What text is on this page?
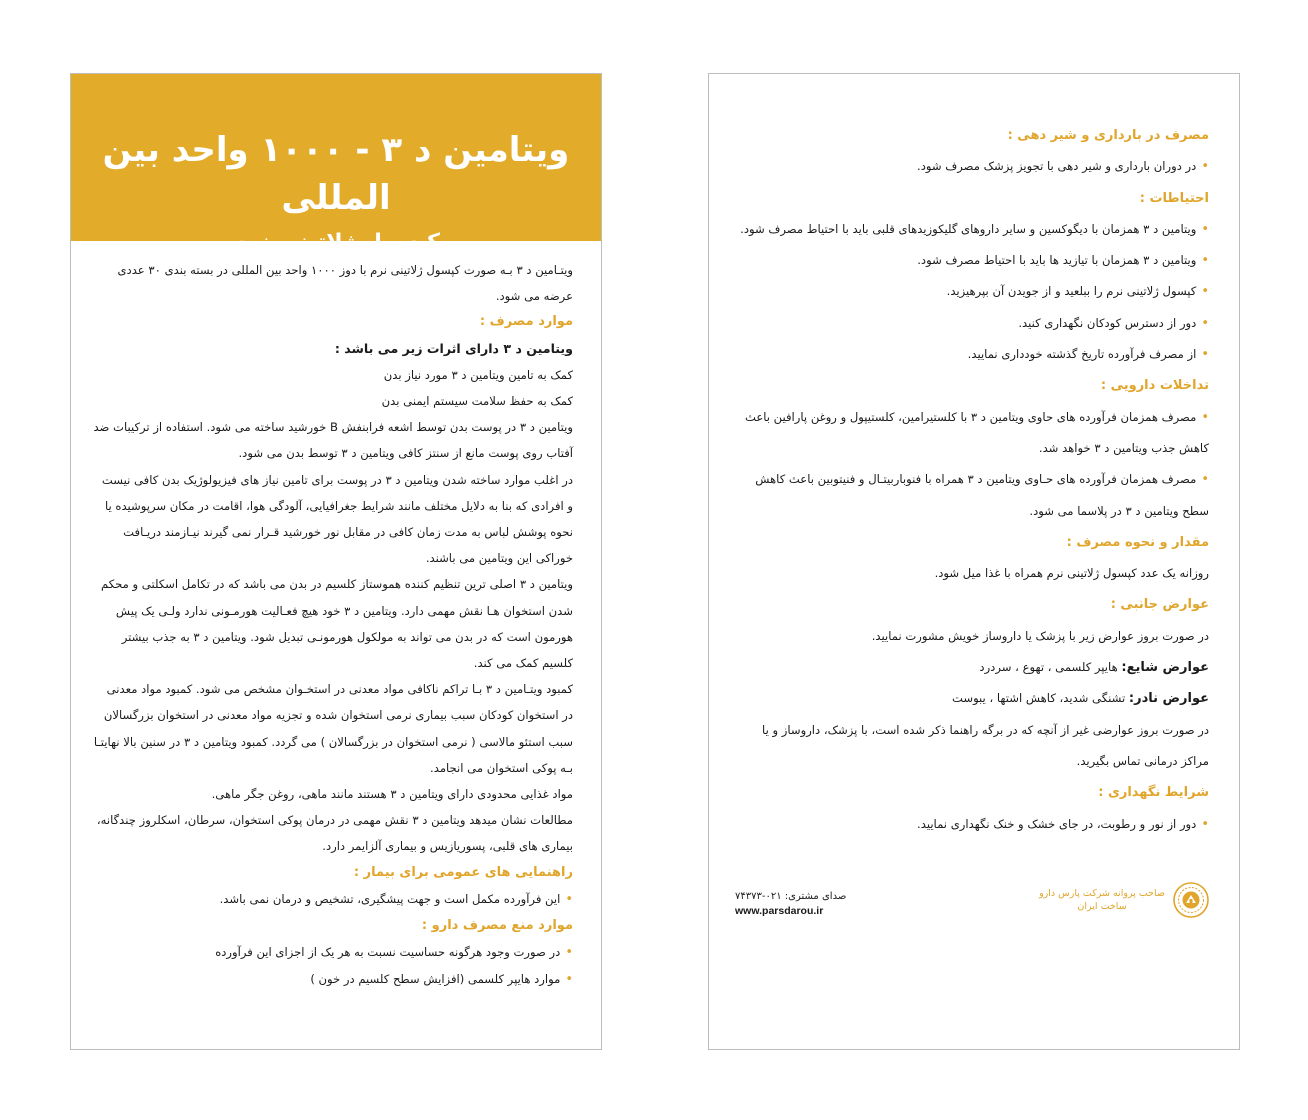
ویتامین د ۳ - ۱۰۰۰ واحد بین المللی
کپسول ژلاتینی نرم

ویتـامین د ۳ بـه صورت کپسول ژلاتینی نرم با دوز ۱۰۰۰ واحد بین المللی در بسته بندی ۳۰ عددی عرضه می شود.

موارد مصرف :

ویتامین د ۳ دارای اثرات زیر می باشد :

کمک به تامین ویتامین د ۳ مورد نیاز بدن

کمک به حفظ سلامت سیستم ایمنی بدن

ویتامین د ۳ در پوست بدن توسط اشعه فرابنفش B خورشید ساخته می شود. استفاده از ترکیبات ضد آفتاب روی پوست مانع از سنتز کافی ویتامین د ۳ توسط بدن می شود.

در اغلب موارد ساخته شدن ویتامین د ۳ در پوست برای تامین نیاز های فیزیولوژیک بدن کافی نیست و افرادی که بنا به دلایل مختلف مانند شرایط جغرافیایی، آلودگی هوا، اقامت در مکان سرپوشیده یا نحوه پوشش لباس به مدت زمان کافی در مقابل نور خورشید قـرار نمی گیرند نیـازمند دریـافت خوراکی این ویتامین می باشند.

ویتامین د ۳ اصلی ترین تنظیم کننده هموستاز کلسیم در بدن می باشد که در تکامل اسکلتی و محکم شدن استخوان هـا نقش مهمی دارد. ویتامین د ۳ خود هیچ فعـالیت هورمـونی ندارد ولـی یک پیش هورمون است که در بدن می تواند به مولکول هورمونـی تبدیل شود. ویتامین د ۳ به جذب بیشتر کلسیم کمک می کند.

کمبود ویتـامین د ۳ بـا تراکم ناکافی مواد معدنی در استخـوان مشخص می شود. کمبود مواد معدنی در استخوان کودکان سبب بیماری نرمی استخوان شده و تجزیه مواد معدنی در استخوان بزرگسالان سبب استئو مالاسی ( نرمی استخوان در بزرگسالان ) می گردد. کمبود ویتامین د ۳ در سنین بالا نهایتـا بـه پوکی استخوان می انجامد.

مواد غذایی محدودی دارای ویتامین د ۳ هستند مانند ماهی، روغن جگر ماهی.

مطالعات نشان میدهد ویتامین د ۳ نقش مهمی در درمان پوکی استخوان، سرطان، اسکلروز چندگانه، بیماری های قلبی، پسوریازیس و بیماری آلزایمر دارد.

راهنمایی های عمومی برای بیمار :

• این فرآورده مکمل است و جهت پیشگیری، تشخیص و درمان نمی باشد.

موارد منع مصرف دارو :

• در صورت وجود هرگونه حساسیت نسبت به هر یک از اجزای این فرآورده

• موارد هایپر کلسمی (افزایش سطح کلسیم در خون )

مصرف در بارداری و شیر دهی :

• در دوران بارداری و شیر دهی با تجویز پزشک مصرف شود.

احتیاطات :

• ویتامین د ۳ همزمان با دیگوکسین و سایر داروهای گلیکوزیدهای قلبی باید با احتیاط مصرف شود.

• ویتامین د ۳ همزمان با تیازید ها باید با احتیاط مصرف شود.

• کپسول ژلاتینی نرم را ببلعید و از جویدن آن بپرهیزید.

• دور از دسترس کودکان نگهداری کنید.

• از مصرف فرآورده تاریخ گذشته خودداری نمایید.

تداخلات دارویی :

• مصرف همزمان فرآورده های حاوی ویتامین د ۳ با کلستیرامین، کلستیپول و روغن پارافین باعث کاهش جذب ویتامین د ۳ خواهد شد.

• مصرف همزمان فرآورده های حـاوی ویتامین د ۳ همراه با فنوباربیتـال و فنیتوبین باعث کاهش سطح ویتامین د ۳ در پلاسما می شود.

مقدار و نحوه مصرف :

روزانه یک عدد کپسول ژلاتینی نرم همراه با غذا میل شود.

عوارض جانبی :

در صورت بروز عوارض زیر با پزشک یا داروساز خویش مشورت نمایید.

عوارض شایع: هایپر کلسمی ، تهوع ، سردرد

عوارض نادر: تشنگی شدید، کاهش اشتها ، یبوست

در صورت بروز عوارضی غیر از آنچه که در برگه راهنما ذکر شده است، با پزشک، داروساز و یا مراکز درمانی تماس بگیرید.

شرایط نگهداری :

• دور از نور و رطوبت، در جای خشک و خنک نگهداری نمایید.

صاحب پروانه شرکت پارس دارو
ساخت ایران
صدای مشتری: ۰۲۱-۷۴۳۷۳
www.parsdarou.ir
